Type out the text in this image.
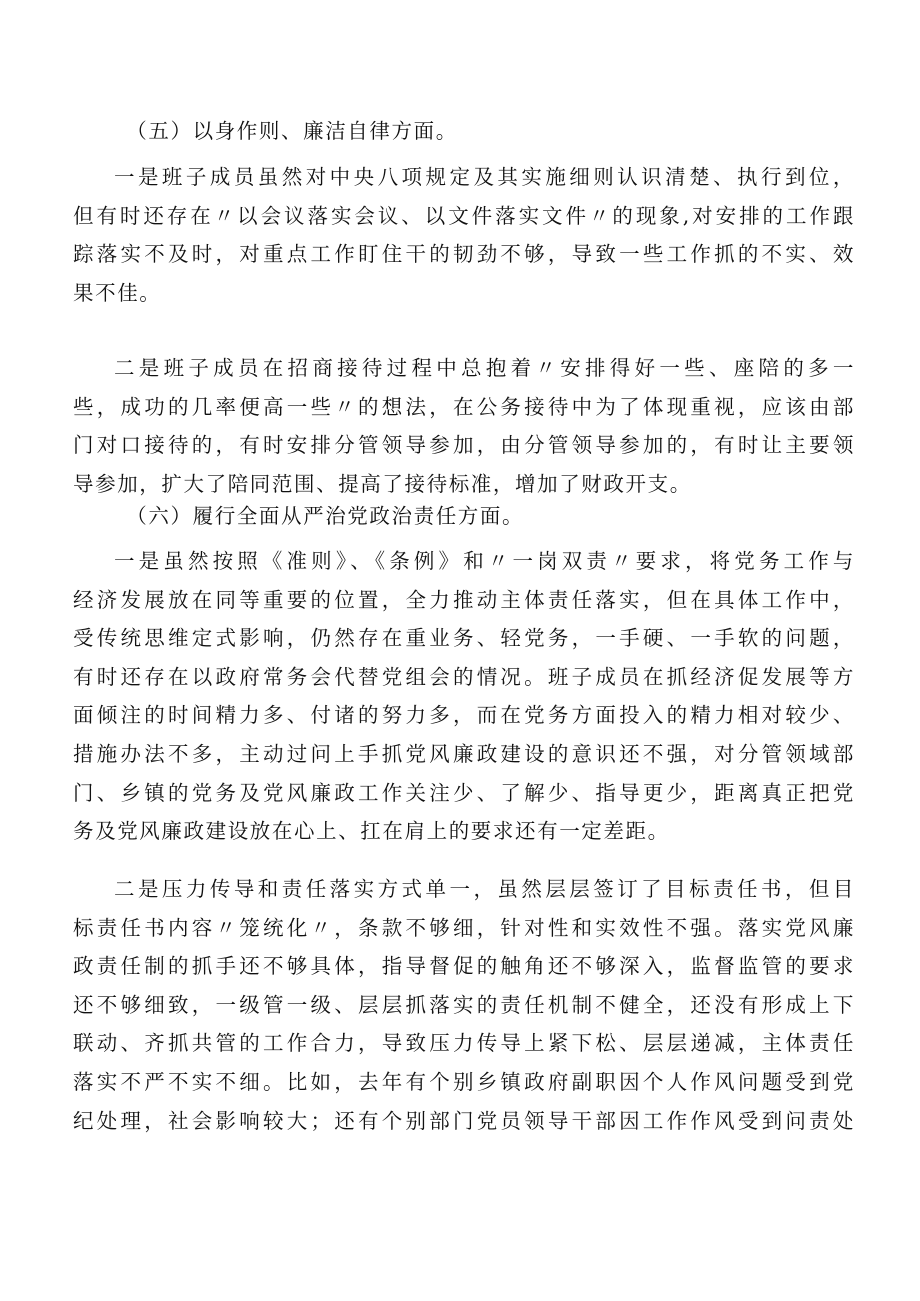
（五）以身作则、廉洁自律方面。

一是班子成员虽然对中央八项规定及其实施细则认识清楚、执行到位，
但有时还存在〃以会议落实会议、以文件落实文件〃的现象,对安排的工作跟
踪落实不及时，对重点工作盯住干的韧劲不够，导致一些工作抓的不实、效
果不佳。

二是班子成员在招商接待过程中总抱着〃安排得好一些、座陪的多一
些，成功的几率便高一些〃的想法，在公务接待中为了体现重视，应该由部
门对口接待的，有时安排分管领导参加，由分管领导参加的，有时让主要领
导参加，扩大了陪同范围、提高了接待标准，增加了财政开支。

（六）履行全面从严治党政治责任方面。

一是虽然按照《准则》、《条例》和〃一岗双责〃要求，将党务工作与
经济发展放在同等重要的位置，全力推动主体责任落实，但在具体工作中，
受传统思维定式影响，仍然存在重业务、轻党务，一手硬、一手软的问题，
有时还存在以政府常务会代替党组会的情况。班子成员在抓经济促发展等方
面倾注的时间精力多、付诸的努力多，而在党务方面投入的精力相对较少、
措施办法不多，主动过问上手抓党风廉政建设的意识还不强，对分管领域部
门、乡镇的党务及党风廉政工作关注少、了解少、指导更少，距离真正把党
务及党风廉政建设放在心上、扛在肩上的要求还有一定差距。

二是压力传导和责任落实方式单一，虽然层层签订了目标责任书，但目
标责任书内容〃笼统化〃，条款不够细，针对性和实效性不强。落实党风廉
政责任制的抓手还不够具体，指导督促的触角还不够深入，监督监管的要求
还不够细致，一级管一级、层层抓落实的责任机制不健全，还没有形成上下
联动、齐抓共管的工作合力，导致压力传导上紧下松、层层递减，主体责任
落实不严不实不细。比如，去年有个别乡镇政府副职因个人作风问题受到党
纪处理，社会影响较大；还有个别部门党员领导干部因工作作风受到问责处
